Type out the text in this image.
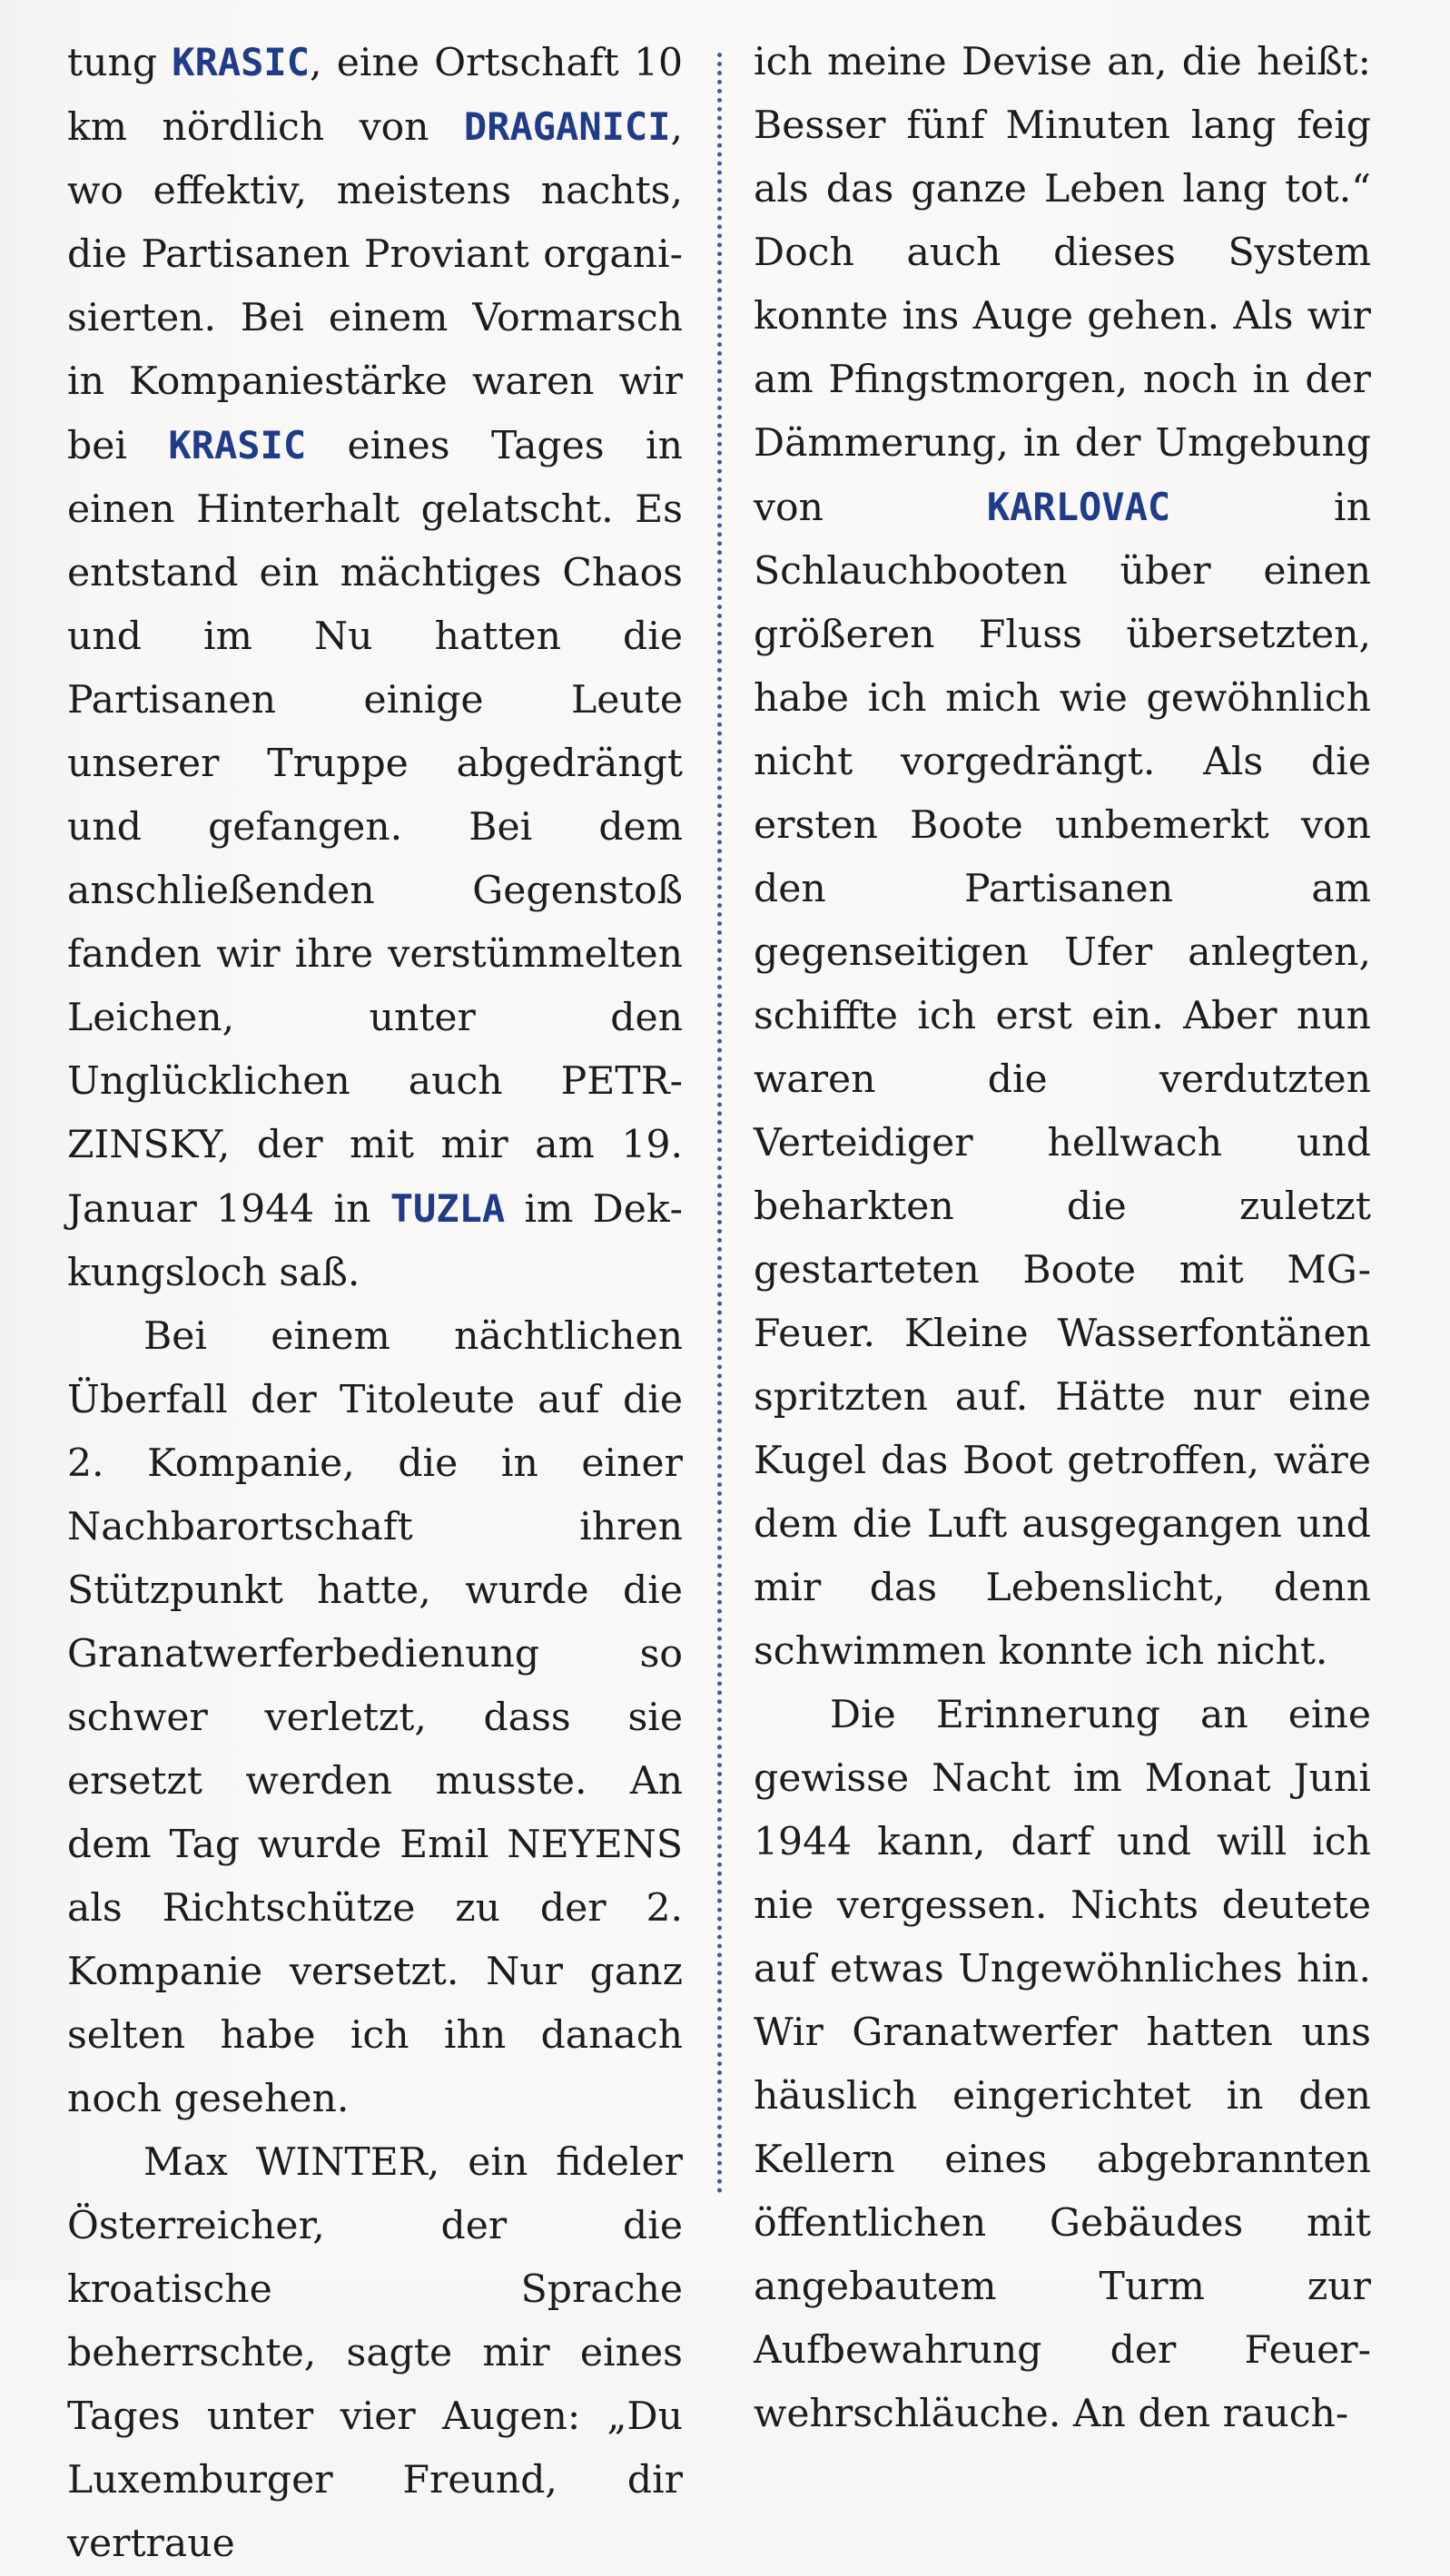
tung KRASIC, eine Ortschaft 10 km nördlich von DRAGANICI, wo effektiv, meistens nachts, die Partisanen Proviant organisierten. Bei einem Vormarsch in Kompaniestärke waren wir bei KRASIC eines Tages in einen Hinterhalt gelatscht. Es entstand ein mächtiges Chaos und im Nu hatten die Partisanen einige Leute unserer Truppe abgedrängt und gefangen. Bei dem anschließenden Gegenstoß fanden wir ihre verstümmelten Leichen, unter den Unglücklichen auch PETRZINSKY, der mit mir am 19. Januar 1944 in TUZLA im Dekkungsloch saß.

Bei einem nächtlichen Überfall der Titoleute auf die 2. Kompanie, die in einer Nachbarortschaft ihren Stützpunkt hatte, wurde die Granatwerferbedienung so schwer verletzt, dass sie ersetzt werden musste. An dem Tag wurde Emil NEYENS als Richtschütze zu der 2. Kompanie versetzt. Nur ganz selten habe ich ihn danach noch gesehen.

Max WINTER, ein fideler Österreicher, der die kroatische Sprache beherrschte, sagte mir eines Tages unter vier Augen: „Du Luxemburger Freund, dir vertraue

ich meine Devise an, die heißt: Besser fünf Minuten lang feig als das ganze Leben lang tot.“ Doch auch dieses System konnte ins Auge gehen. Als wir am Pfingstmorgen, noch in der Dämmerung, in der Umgebung von KARLOVAC in Schlauchbooten über einen größeren Fluss übersetzten, habe ich mich wie gewöhnlich nicht vorgedrängt. Als die ersten Boote unbemerkt von den Partisanen am gegenseitigen Ufer anlegten, schiffte ich erst ein. Aber nun waren die verdutzten Verteidiger hellwach und beharkten die zuletzt gestarteten Boote mit MG-Feuer. Kleine Wasserfontänen spritzten auf. Hätte nur eine Kugel das Boot getroffen, wäre dem die Luft ausgegangen und mir das Lebenslicht, denn schwimmen konnte ich nicht.

Die Erinnerung an eine gewisse Nacht im Monat Juni 1944 kann, darf und will ich nie vergessen. Nichts deutete auf etwas Ungewöhnliches hin. Wir Granatwerfer hatten uns häuslich eingerichtet in den Kellern eines abgebrannten öffentlichen Gebäudes mit angebautem Turm zur Aufbewahrung der Feuerwehrschläuche. An den rauch-
